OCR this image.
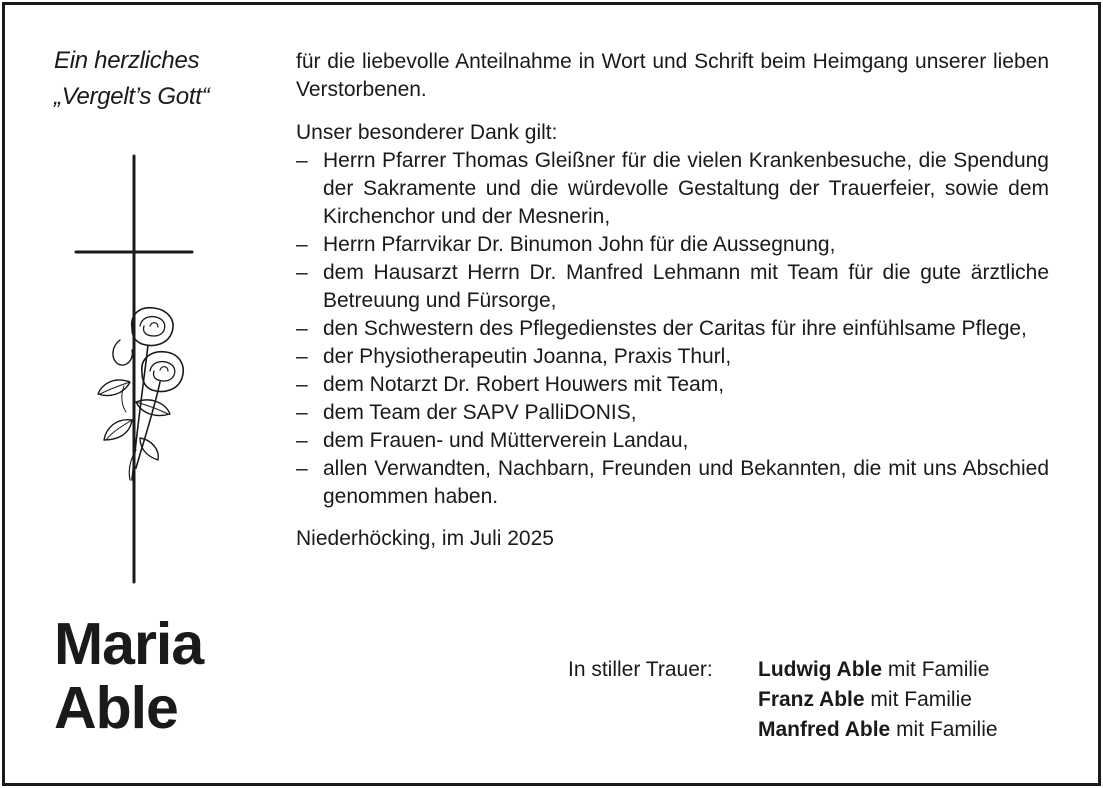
Ein herzliches
„Vergelt’s Gott“
Maria
Able

für die liebevolle Anteilnahme in Wort und Schrift beim Heimgang unserer lieben Verstorbenen.

Unser besonderer Dank gilt:

– Herrn Pfarrer Thomas Gleißner für die vielen Krankenbesuche, die Spendung der Sakramente und die würdevolle Gestaltung der Trauerfeier, sowie dem Kirchenchor und der Mesnerin,
– Herrn Pfarrvikar Dr. Binumon John für die Aussegnung,
– dem Hausarzt Herrn Dr. Manfred Lehmann mit Team für die gute ärztliche Betreuung und Fürsorge,
– den Schwestern des Pflegedienstes der Caritas für ihre einfühlsame Pflege,
– der Physiotherapeutin Joanna, Praxis Thurl,
– dem Notarzt Dr. Robert Houwers mit Team,
– dem Team der SAPV PalliDONIS,
– dem Frauen- und Mütterverein Landau,
– allen Verwandten, Nachbarn, Freunden und Bekannten, die mit uns Abschied genommen haben.

Niederhöcking, im Juli 2025

In stiller Trauer:	Ludwig Able mit Familie
Franz Able mit Familie
Manfred Able mit Familie
